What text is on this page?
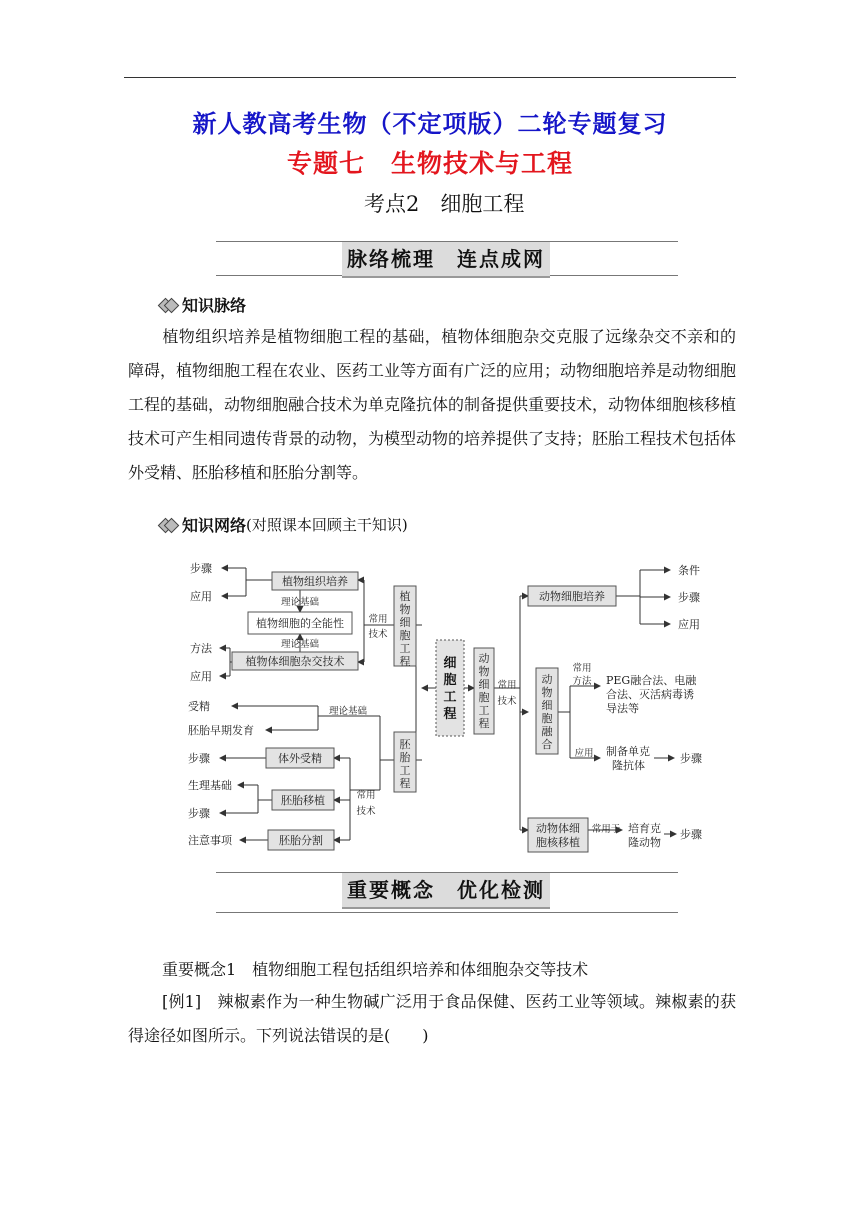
新人教高考生物（不定项版）二轮专题复习
专题七　生物技术与工程
考点2　细胞工程
脉络梳理　连点成网
知识脉络
植物组织培养是植物细胞工程的基础，植物体细胞杂交克服了远缘杂交不亲和的障碍，植物细胞工程在农业、医药工业等方面有广泛的应用；动物细胞培养是动物细胞工程的基础，动物细胞融合技术为单克隆抗体的制备提供重要技术，动物体细胞核移植技术可产生相同遗传背景的动物，为模型动物的培养提供了支持；胚胎工程技术包括体外受精、胚胎移植和胚胎分割等。
知识网络 (对照课本回顾主干知识)
细
胞
工
程
植
物
细
胞
工
程
胚
胎
工
程
动
物
细
胞
工
程
动
物
细
胞
融
合
植物组织培养
植物细胞的全能性
植物体细胞杂交技术
体外受精
胚胎移植
胚胎分割
动物细胞培养
动物体细
胞核移植
理论基础
理论基础
常用
技术
理论基础
常用
技术
常用
技术
常用
方法
应用
常用于
步骤
应用
方法
应用
受精
胚胎早期发育
步骤
生理基础
步骤
注意事项
条件
步骤
应用
PEG融合法、电融
合法、灭活病毒诱
导法等
制备单克
隆抗体
步骤
培育克
隆动物
步骤
重要概念　优化检测
重要概念1　植物细胞工程包括组织培养和体细胞杂交等技术
[例1]　辣椒素作为一种生物碱广泛用于食品保健、医药工业等领域。辣椒素的获得途径如图所示。下列说法错误的是(　　)
